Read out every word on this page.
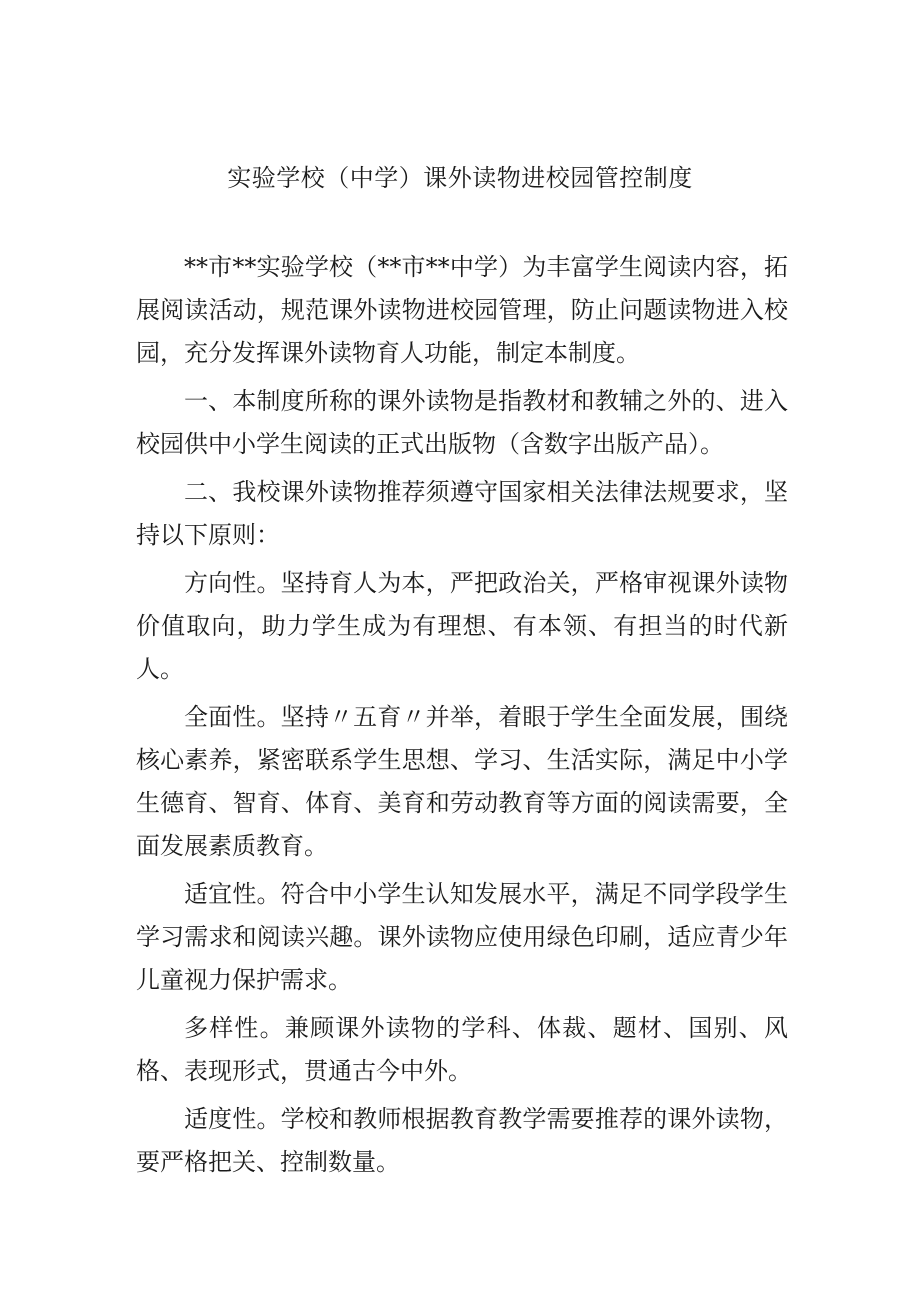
实验学校（中学）课外读物进校园管控制度

**市**实验学校（**市**中学）为丰富学生阅读内容，拓展阅读活动，规范课外读物进校园管理，防止问题读物进入校园，充分发挥课外读物育人功能，制定本制度。

一、本制度所称的课外读物是指教材和教辅之外的、进入校园供中小学生阅读的正式出版物（含数字出版产品）。

二、我校课外读物推荐须遵守国家相关法律法规要求，坚持以下原则：

方向性。坚持育人为本，严把政治关，严格审视课外读物价值取向，助力学生成为有理想、有本领、有担当的时代新人。

全面性。坚持〃五育〃并举，着眼于学生全面发展，围绕核心素养，紧密联系学生思想、学习、生活实际，满足中小学生德育、智育、体育、美育和劳动教育等方面的阅读需要，全面发展素质教育。

适宜性。符合中小学生认知发展水平，满足不同学段学生学习需求和阅读兴趣。课外读物应使用绿色印刷，适应青少年儿童视力保护需求。

多样性。兼顾课外读物的学科、体裁、题材、国别、风格、表现形式，贯通古今中外。

适度性。学校和教师根据教育教学需要推荐的课外读物，要严格把关、控制数量。
